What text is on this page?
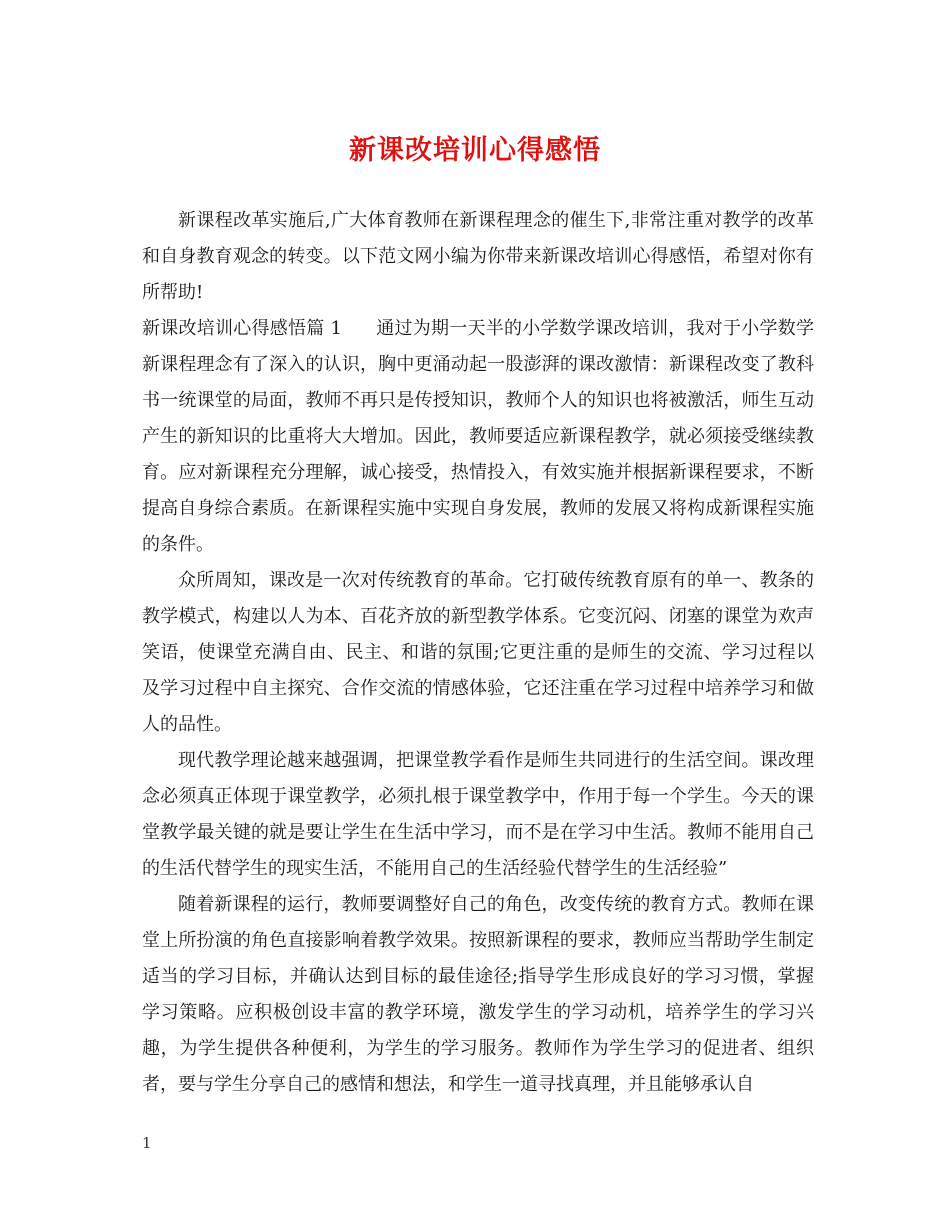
新课改培训心得感悟

新课程改革实施后,广大体育教师在新课程理念的催生下,非常注重对教学的改革和自身教育观念的转变。以下范文网小编为你带来新课改培训心得感悟，希望对你有所帮助!

新课改培训心得感悟篇 1 通过为期一天半的小学数学课改培训，我对于小学数学新课程理念有了深入的认识，胸中更涌动起一股澎湃的课改激情：新课程改变了教科书一统课堂的局面，教师不再只是传授知识，教师个人的知识也将被激活，师生互动产生的新知识的比重将大大增加。因此，教师要适应新课程教学，就必须接受继续教育。应对新课程充分理解，诚心接受，热情投入，有效实施并根据新课程要求，不断提高自身综合素质。在新课程实施中实现自身发展，教师的发展又将构成新课程实施的条件。

众所周知，课改是一次对传统教育的革命。它打破传统教育原有的单一、教条的教学模式，构建以人为本、百花齐放的新型教学体系。它变沉闷、闭塞的课堂为欢声笑语，使课堂充满自由、民主、和谐的氛围;它更注重的是师生的交流、学习过程以及学习过程中自主探究、合作交流的情感体验，它还注重在学习过程中培养学习和做人的品性。

现代教学理论越来越强调，把课堂教学看作是师生共同进行的生活空间。课改理念必须真正体现于课堂教学，必须扎根于课堂教学中，作用于每一个学生。今天的课堂教学最关键的就是要让学生在生活中学习，而不是在学习中生活。教师不能用自己的生活代替学生的现实生活，不能用自己的生活经验代替学生的生活经验”

随着新课程的运行，教师要调整好自己的角色，改变传统的教育方式。教师在课堂上所扮演的角色直接影响着教学效果。按照新课程的要求，教师应当帮助学生制定适当的学习目标，并确认达到目标的最佳途径;指导学生形成良好的学习习惯，掌握学习策略。应积极创设丰富的教学环境，激发学生的学习动机，培养学生的学习兴趣，为学生提供各种便利，为学生的学习服务。教师作为学生学习的促进者、组织者，要与学生分享自己的感情和想法，和学生一道寻找真理，并且能够承认自

1
